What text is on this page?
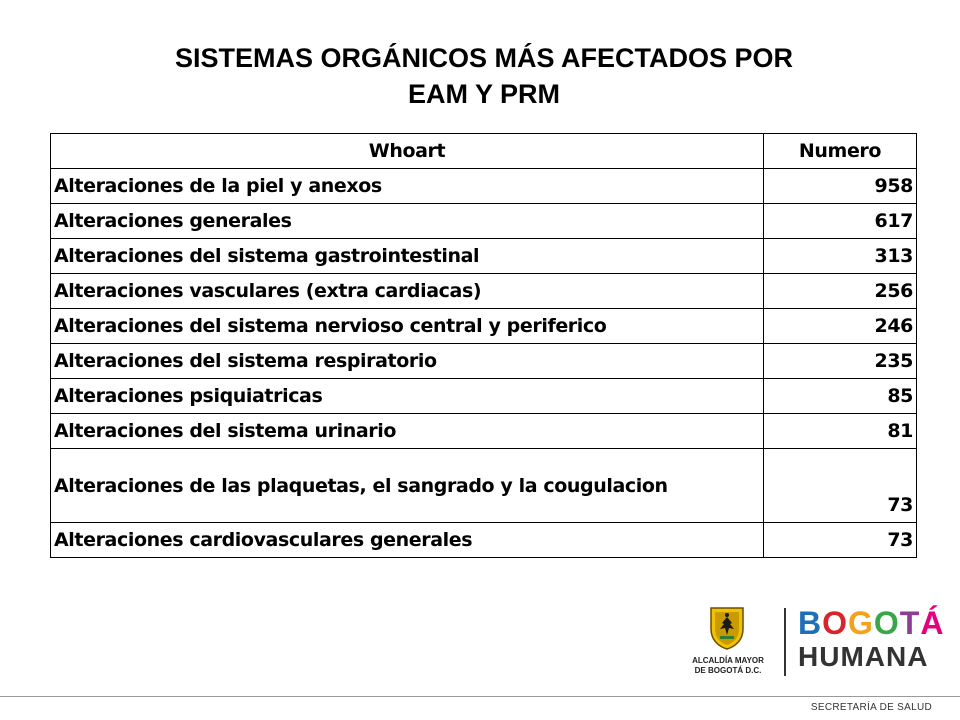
SISTEMAS ORGÁNICOS MÁS AFECTADOS POR
EAM Y PRM
Whoart	Numero
Alteraciones de la piel y anexos	958
Alteraciones generales	617
Alteraciones del sistema gastrointestinal	313
Alteraciones vasculares (extra cardiacas)	256
Alteraciones del sistema nervioso central y periferico	246
Alteraciones del sistema respiratorio	235
Alteraciones psiquiatricas	85
Alteraciones del sistema urinario	81
Alteraciones de las plaquetas, el sangrado y la cougulacion	73
Alteraciones cardiovasculares generales	73
ALCALDÍA MAYOR
DE BOGOTÁ D.C.
BOGOTÁ
HUMANA
SECRETARÍA DE SALUD
